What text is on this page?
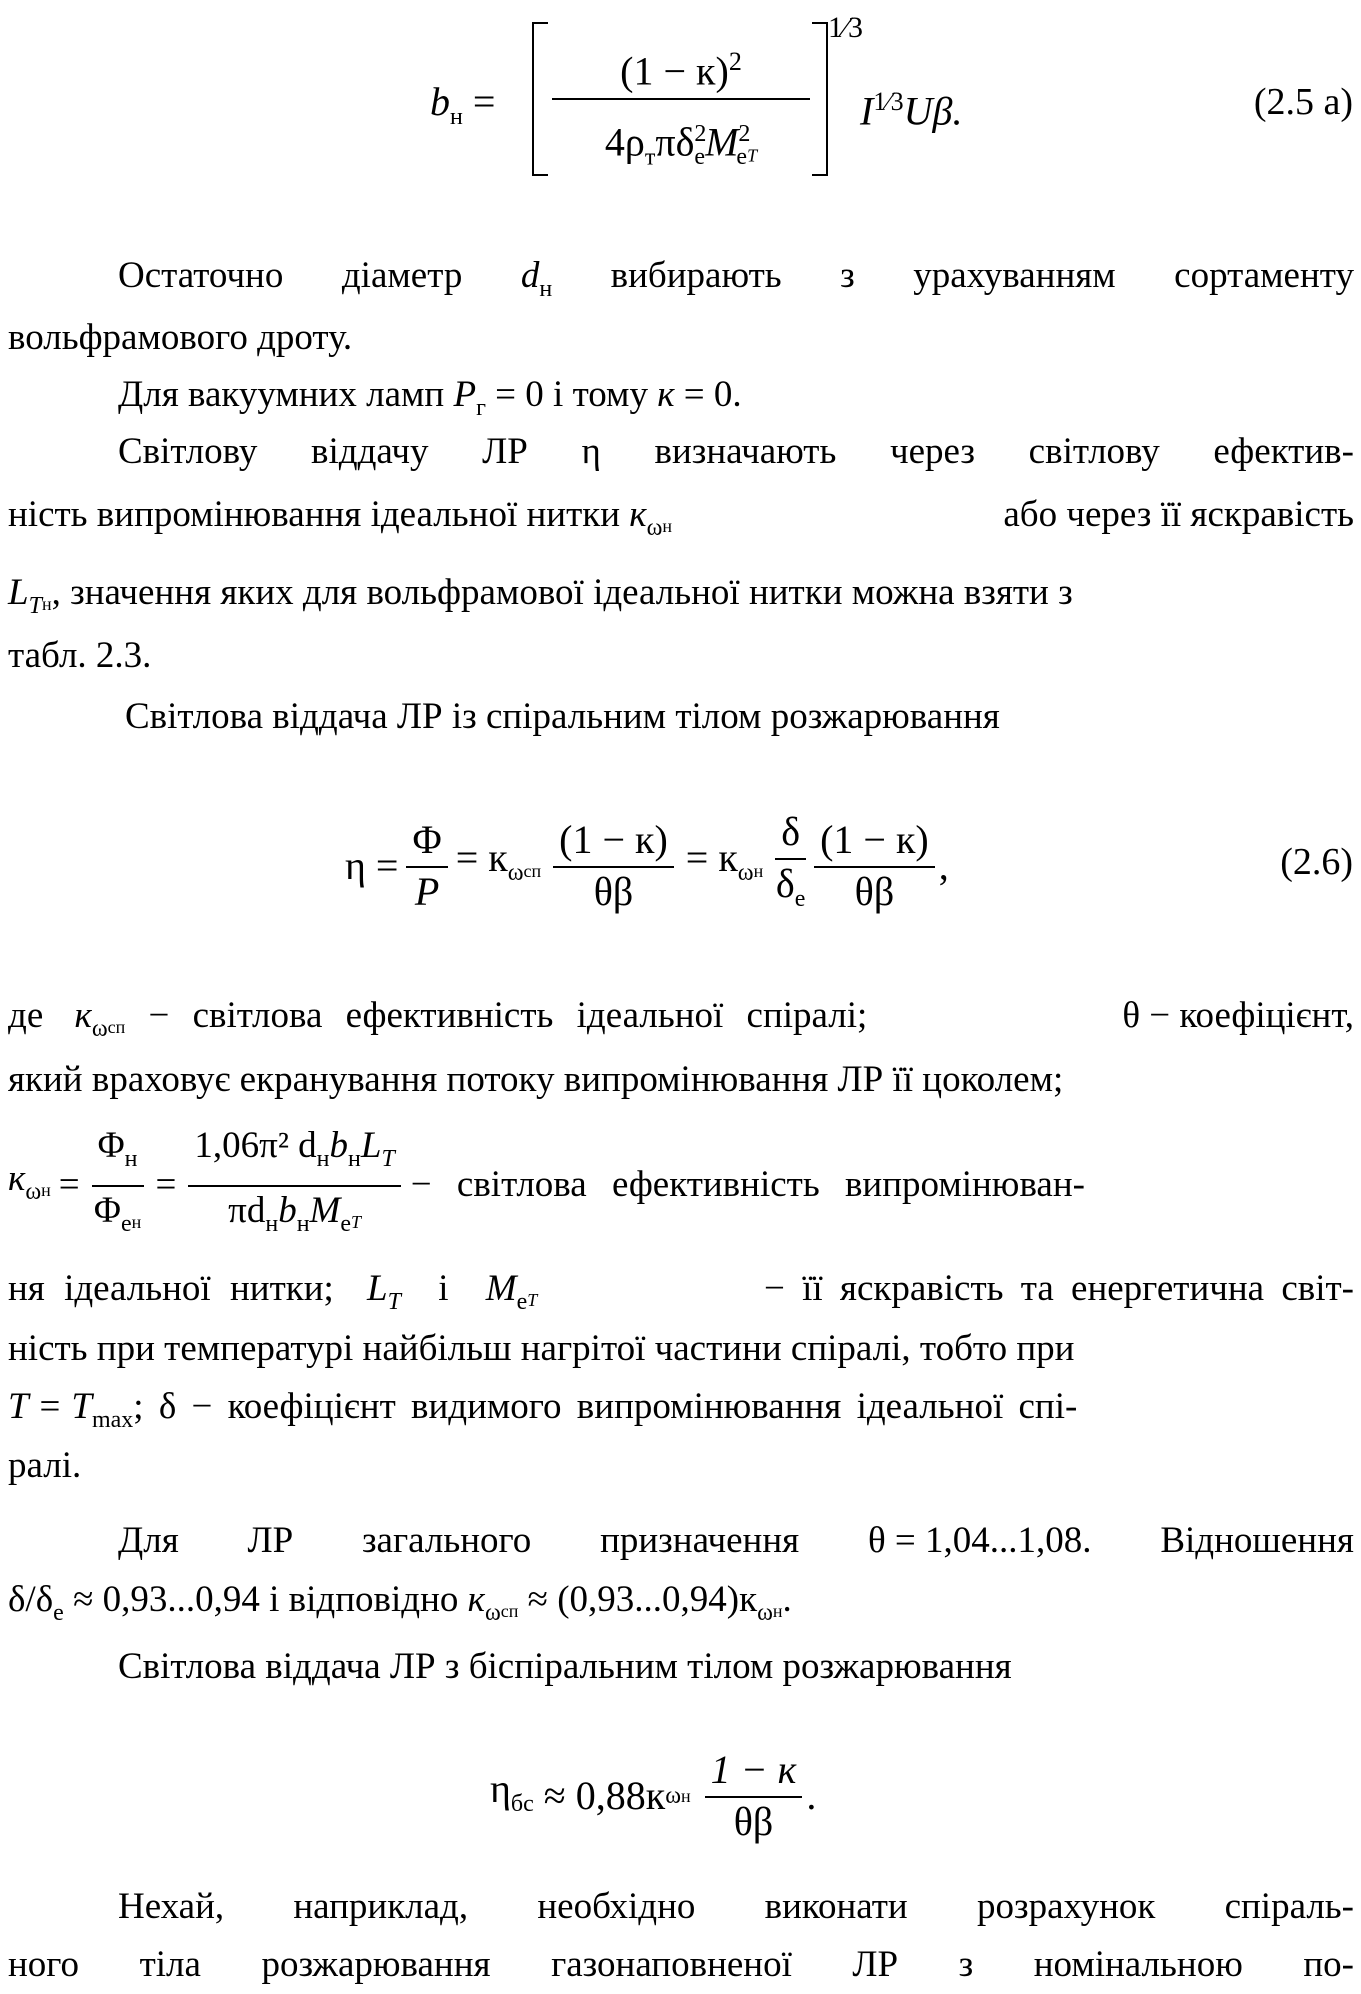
$b_н$ =
$(1 - к)^2$
$4\rho_т\pi\delta^2_eM^2_eT$
1⁄3
$I^{1⁄3}U\beta$.	(2.5 а)
Остаточно діаметр $d_н$ вибирають з урахуванням сортаменту
вольфрамового дроту.
Для вакуумних ламп $P_г = 0$ і тому к = 0.
Світлову віддачу ЛР η визначають через світлову ефектив-
ність випромінювання ідеальної нитки $к_\omega н$	або через її яскравість
$L_Tн$, значення яких для вольфрамової ідеальної нитки можна взяти з
табл. 2.3.
Світлова віддача ЛР із спіральним тілом розжарювання
$\eta = \frac{\Phi}{P} = к_\omega сп \frac{(1 - к)}{\theta\beta} = к_\omega н \frac{\delta}{\delta_e} \frac{(1 - к)}{\theta\beta}$ ,	(2.6)
де $к_\omega сп$ − світлова ефективність ідеальної спіралі;	θ − коефіцієнт,
який враховує екранування потоку випромінювання ЛР її цоколем;
$к_\omega н = \frac{\Phi_н}{\Phi_eн} = \frac{1,06\pi^2 d_нb_нL_T}{\pi d_нb_нM_eT}$ − світлова ефективність випромінюван-
ня ідеальної нитки; $L_T$ і $M_eT$	− її яскравість та енергетична світ-
ність при температурі найбільш нагрітої частини спіралі, тобто при
$T = T_{max}$; δ − коефіцієнт видимого випромінювання ідеальної спі-
ралі.
Для ЛР загального призначення θ = 1,04...1,08. Відношення
$\delta/\delta_e \approx 0,93...0,94$ і відповідно $к_\omega сп \approx (0,93...0,94)к_\omega н$.
Світлова віддача ЛР з біспіральним тілом розжарювання
$\eta_{бс} \approx 0,88к$ ω н $\frac{1 - к}{\theta\beta}$ .
Нехай, наприклад, необхідно виконати розрахунок спіраль-
ного тіла розжарювання газонаповненої ЛР з номінальною по-
